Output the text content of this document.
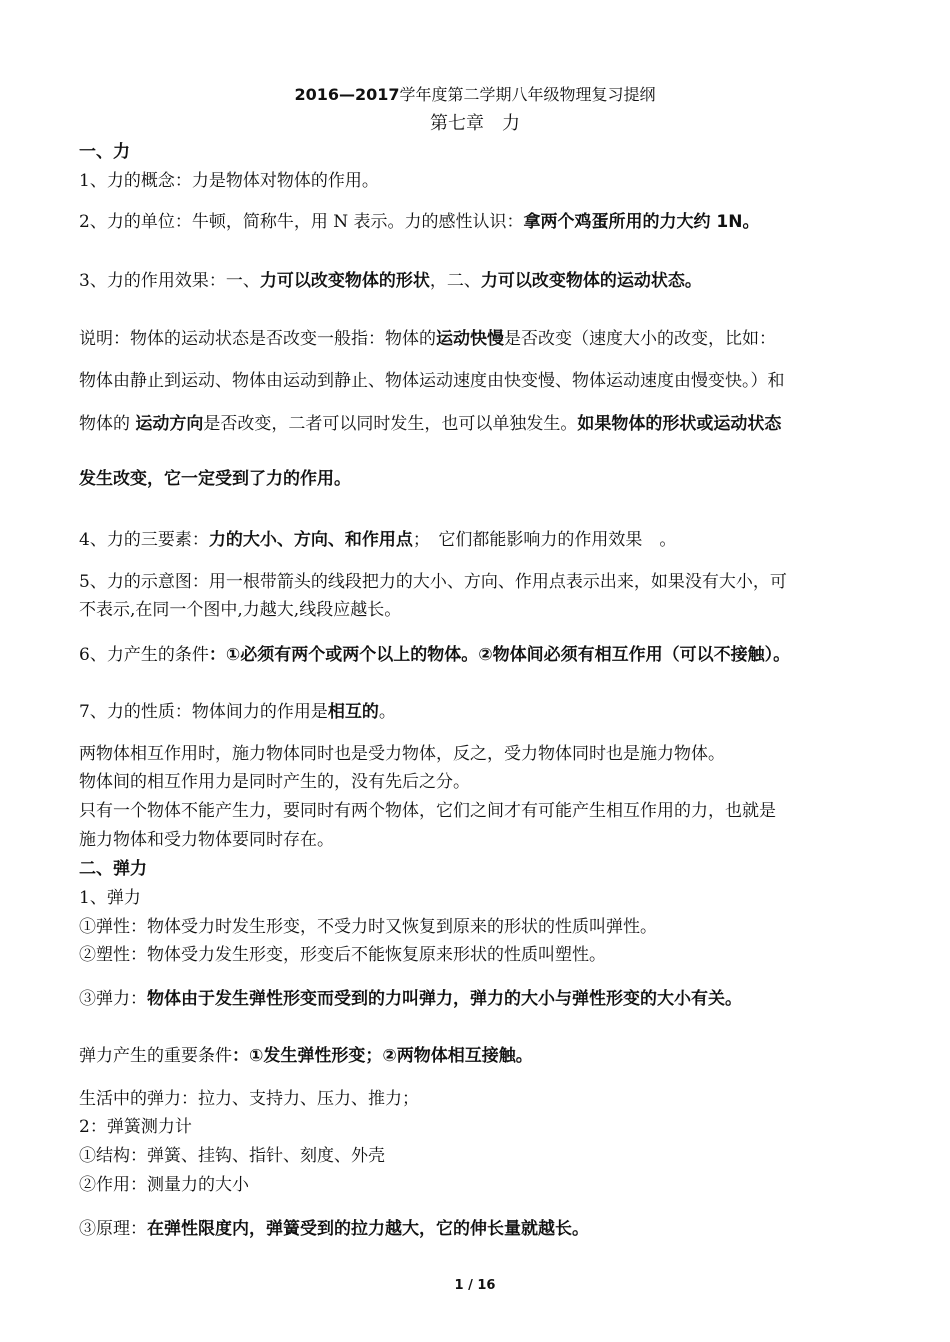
2016—2017学年度第二学期八年级物理复习提纲
第七章　力
一、力
1、力的概念：力是物体对物体的作用。
2、力的单位：牛顿，简称牛，用 N 表示。力的感性认识：拿两个鸡蛋所用的力大约 1N。
3、力的作用效果：一、力可以改变物体的形状，二、力可以改变物体的运动状态。
说明：物体的运动状态是否改变一般指：物体的运动快慢是否改变（速度大小的改变，比如：
物体由静止到运动、物体由运动到静止、物体运动速度由快变慢、物体运动速度由慢变快。）和
物体的 运动方向是否改变，二者可以同时发生，也可以单独发生。如果物体的形状或运动状态
发生改变，它一定受到了力的作用。
4、力的三要素：力的大小、方向、和作用点；　它们都能影响力的作用效果　。
5、力的示意图：用一根带箭头的线段把力的大小、方向、作用点表示出来，如果没有大小，可
不表示,在同一个图中,力越大,线段应越长。
6、力产生的条件：①必须有两个或两个以上的物体。②物体间必须有相互作用（可以不接触）。
7、力的性质：物体间力的作用是相互的。
两物体相互作用时，施力物体同时也是受力物体，反之，受力物体同时也是施力物体。
物体间的相互作用力是同时产生的，没有先后之分。
只有一个物体不能产生力，要同时有两个物体，它们之间才有可能产生相互作用的力，也就是
施力物体和受力物体要同时存在。
二、弹力
1、弹力
①弹性：物体受力时发生形变，不受力时又恢复到原来的形状的性质叫弹性。
②塑性：物体受力发生形变，形变后不能恢复原来形状的性质叫塑性。
③弹力：物体由于发生弹性形变而受到的力叫弹力，弹力的大小与弹性形变的大小有关。
弹力产生的重要条件：①发生弹性形变；②两物体相互接触。
生活中的弹力：拉力、支持力、压力、推力；
2：弹簧测力计
①结构：弹簧、挂钩、指针、刻度、外壳
②作用：测量力的大小
③原理：在弹性限度内，弹簧受到的拉力越大，它的伸长量就越长。
1 / 16
